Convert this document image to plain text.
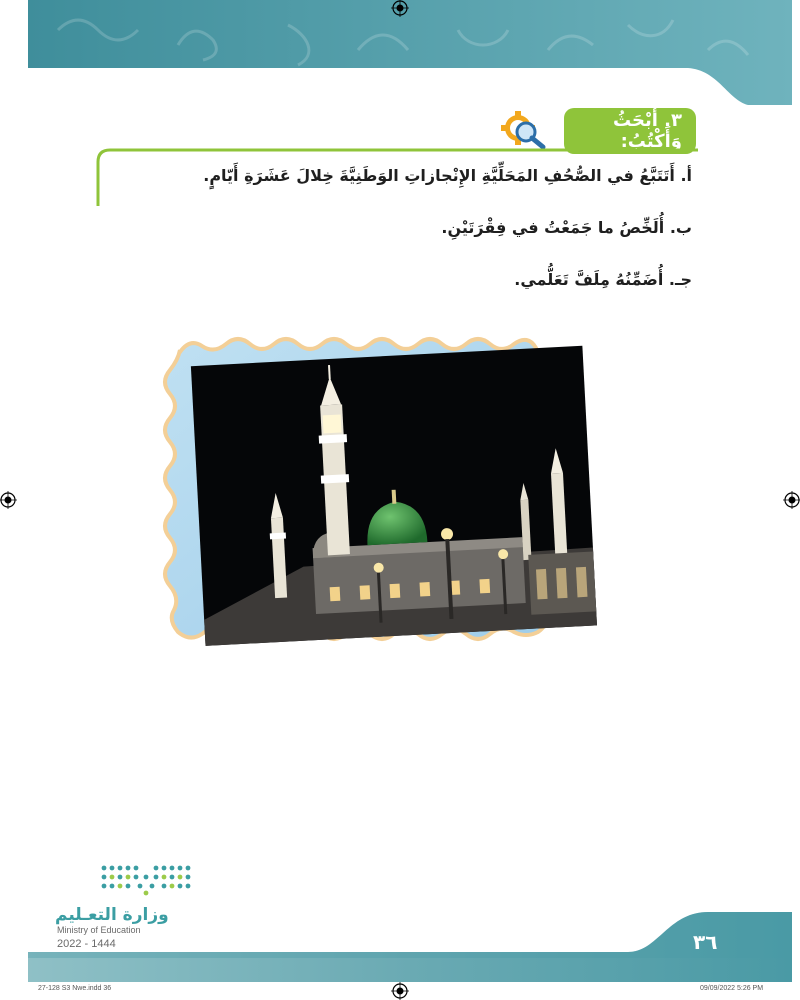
٣. أَبْحَثُ وَأَكْتُبُ:
أ. أَتَتَبَّعُ في الصُّحُفِ المَحَلِّيَّةِ الإِنْجازاتِ الوَطَنِيَّةَ خِلالَ عَشَرَةِ أَيّامٍ.
ب. أُلَخِّصُ ما جَمَعْتُ في فِقْرَتَيْنِ.
جـ. أُضَمِّنُهُ مِلَفَّ تَعَلُّمي.
وزارة التعـليم
Ministry of Education
2022 - 1444	٣٦
27-128 S3 Nwe.indd 36	09/09/2022 5:26 PM
